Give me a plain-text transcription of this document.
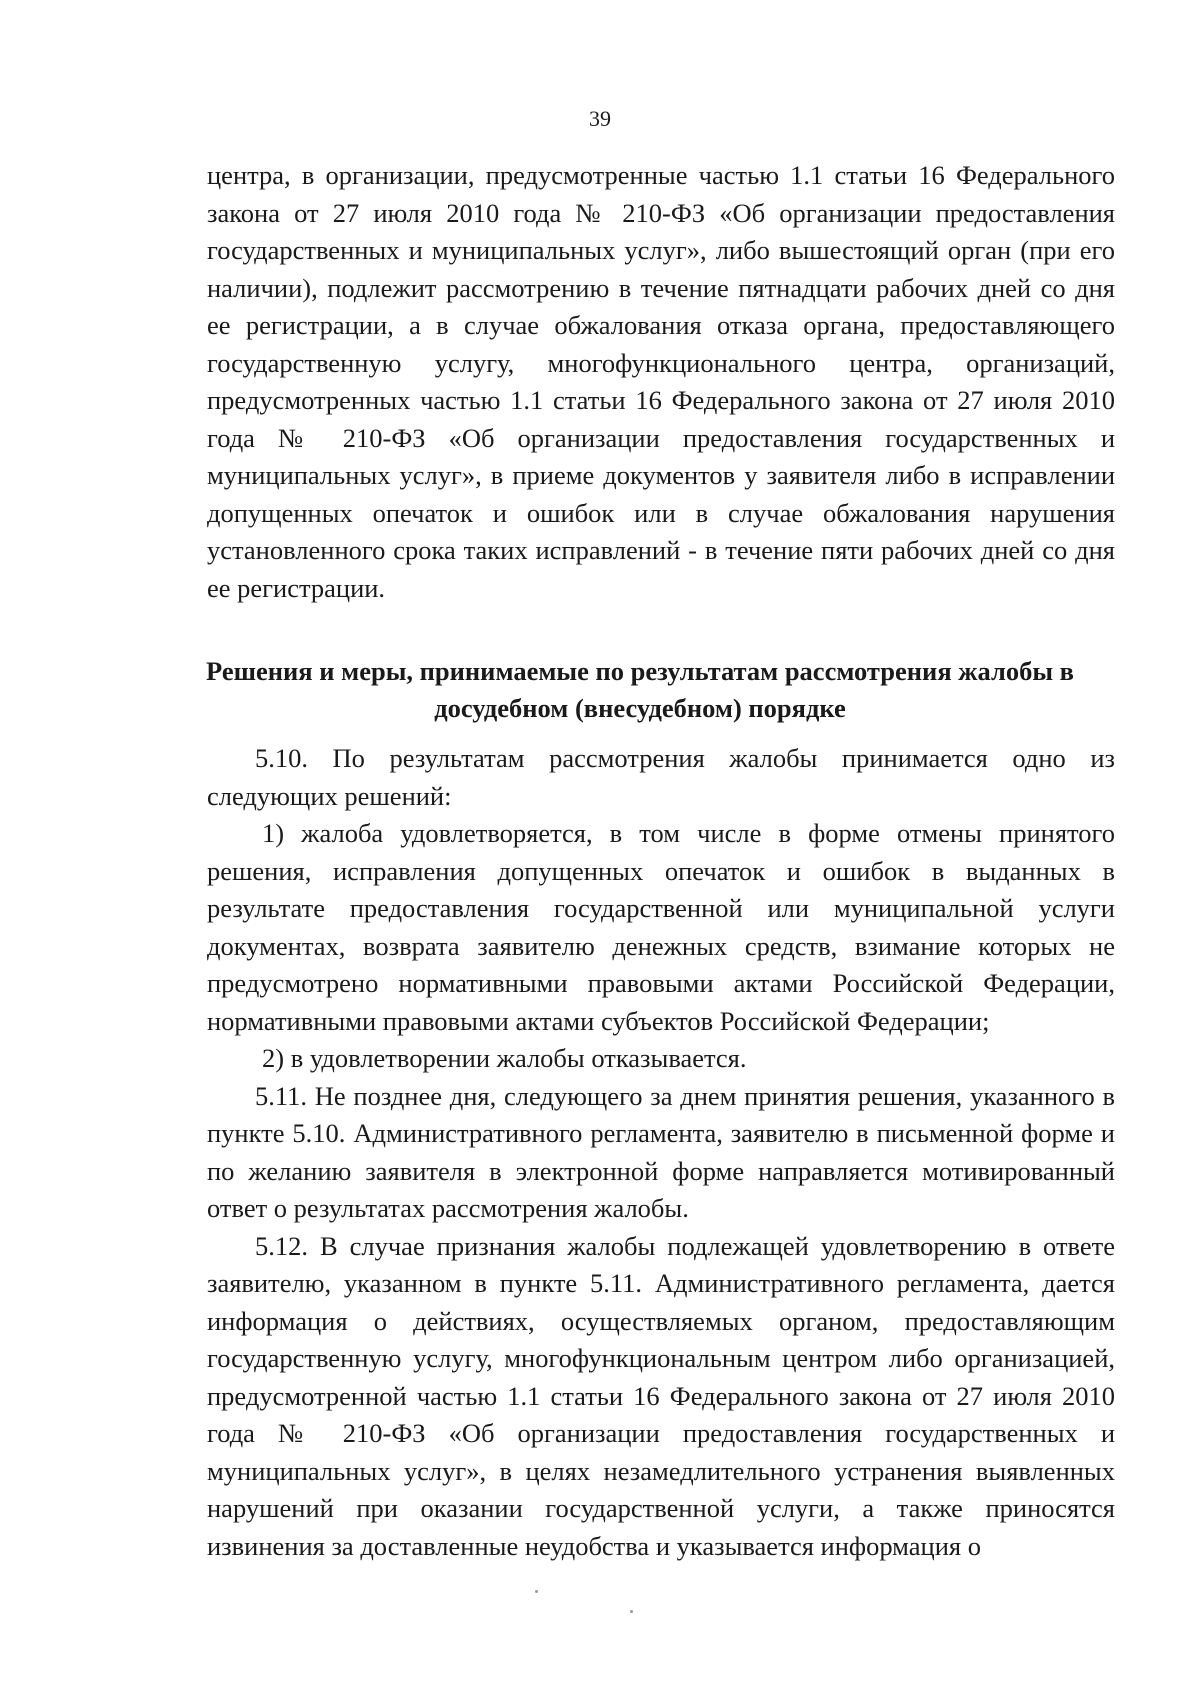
39

центра, в организации, предусмотренные частью 1.1 статьи 16 Федерального закона от 27 июля 2010 года № 210-ФЗ «Об организации предоставления государственных и муниципальных услуг», либо вышестоящий орган (при его наличии), подлежит рассмотрению в течение пятнадцати рабочих дней со дня ее регистрации, а в случае обжалования отказа органа, предоставляющего государственную услугу, многофункционального центра, организаций, предусмотренных частью 1.1 статьи 16 Федерального закона от 27 июля 2010 года № 210-ФЗ «Об организации предоставления государственных и муниципальных услуг», в приеме документов у заявителя либо в исправлении допущенных опечаток и ошибок или в случае обжалования нарушения установленного срока таких исправлений - в течение пяти рабочих дней со дня ее регистрации.

Решения и меры, принимаемые по результатам рассмотрения жалобы в досудебном (внесудебном) порядке

5.10. По результатам рассмотрения жалобы принимается одно из следующих решений:

1) жалоба удовлетворяется, в том числе в форме отмены принятого решения, исправления допущенных опечаток и ошибок в выданных в результате предоставления государственной или муниципальной услуги документах, возврата заявителю денежных средств, взимание которых не предусмотрено нормативными правовыми актами Российской Федерации, нормативными правовыми актами субъектов Российской Федерации;

2) в удовлетворении жалобы отказывается.

5.11. Не позднее дня, следующего за днем принятия решения, указанного в пункте 5.10. Административного регламента, заявителю в письменной форме и по желанию заявителя в электронной форме направляется мотивированный ответ о результатах рассмотрения жалобы.

5.12. В случае признания жалобы подлежащей удовлетворению в ответе заявителю, указанном в пункте 5.11. Административного регламента, дается информация о действиях, осуществляемых органом, предоставляющим государственную услугу, многофункциональным центром либо организацией, предусмотренной частью 1.1 статьи 16 Федерального закона от 27 июля 2010 года № 210-ФЗ «Об организации предоставления государственных и муниципальных услуг», в целях незамедлительного устранения выявленных нарушений при оказании государственной услуги, а также приносятся извинения за доставленные неудобства и указывается информация о
